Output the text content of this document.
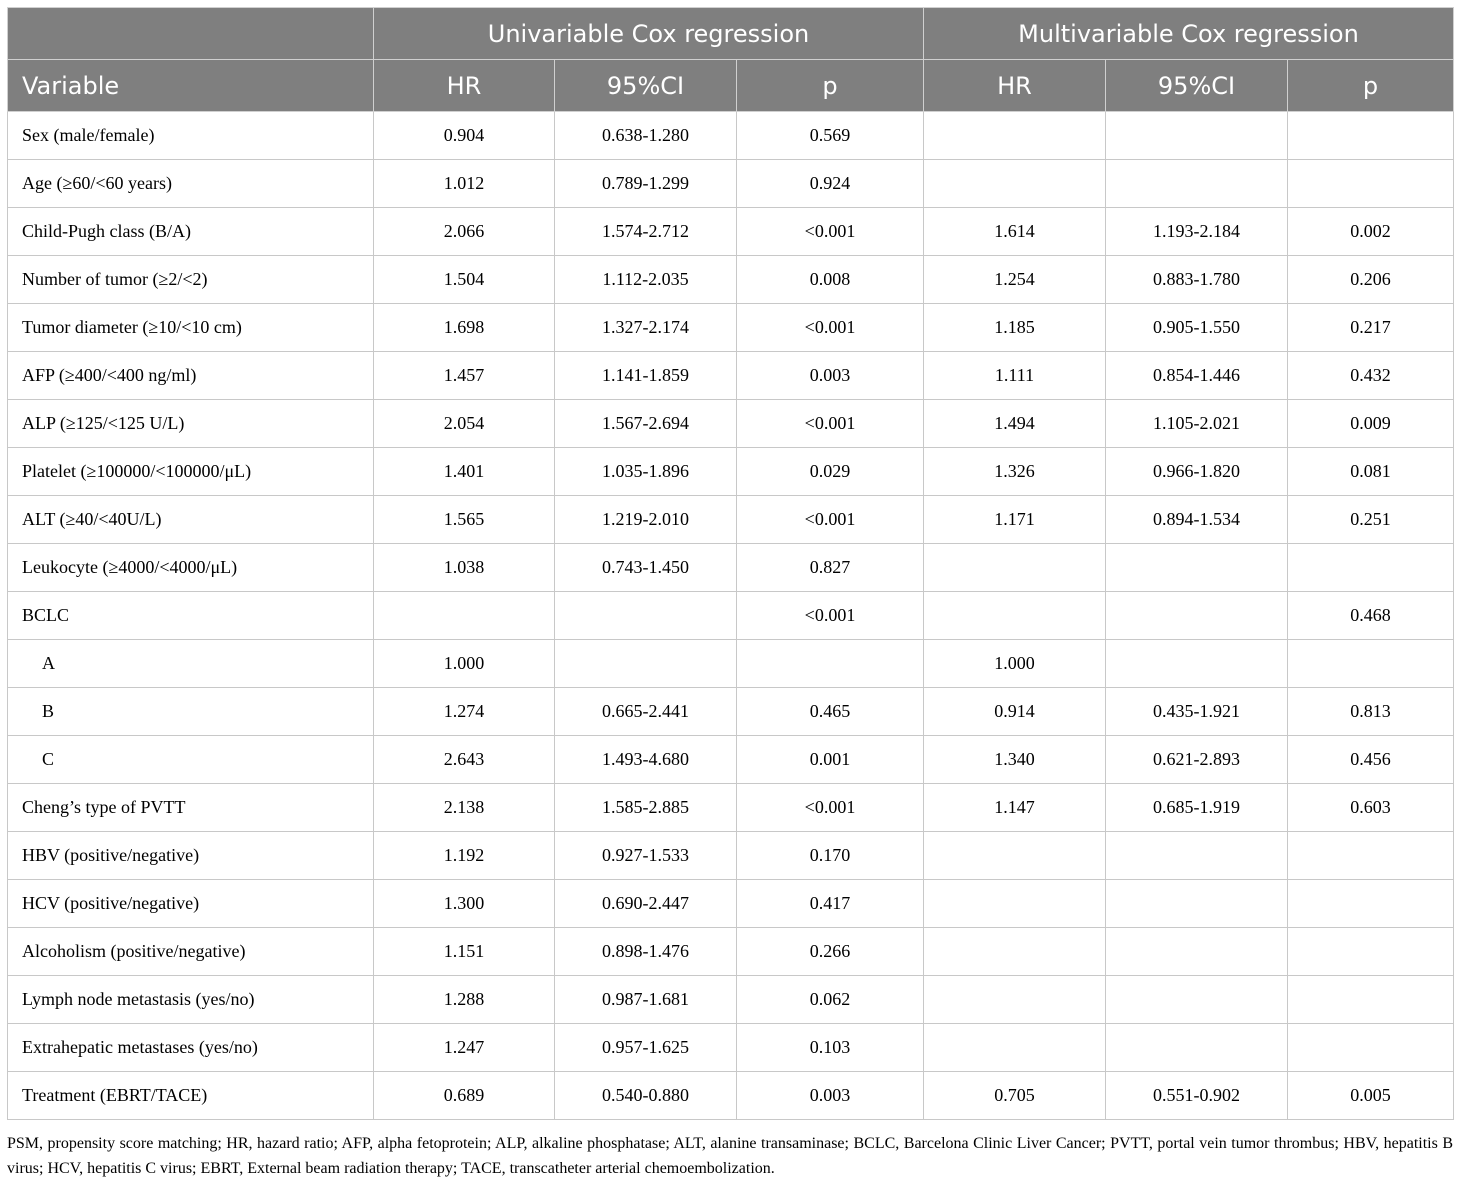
	Univariable Cox regression			Multivariable Cox regression		
Variable	HR	95%CI	p	HR	95%CI	p
Sex (male/female)	0.904	0.638-1.280	0.569			
Age (≥60/<60 years)	1.012	0.789-1.299	0.924			
Child-Pugh class (B/A)	2.066	1.574-2.712	<0.001	1.614	1.193-2.184	0.002
Number of tumor (≥2/<2)	1.504	1.112-2.035	0.008	1.254	0.883-1.780	0.206
Tumor diameter (≥10/<10 cm)	1.698	1.327-2.174	<0.001	1.185	0.905-1.550	0.217
AFP (≥400/<400 ng/ml)	1.457	1.141-1.859	0.003	1.111	0.854-1.446	0.432
ALP (≥125/<125 U/L)	2.054	1.567-2.694	<0.001	1.494	1.105-2.021	0.009
Platelet (≥100000/<100000/μL)	1.401	1.035-1.896	0.029	1.326	0.966-1.820	0.081
ALT (≥40/<40U/L)	1.565	1.219-2.010	<0.001	1.171	0.894-1.534	0.251
Leukocyte (≥4000/<4000/μL)	1.038	0.743-1.450	0.827			
BCLC			<0.001			0.468
A	1.000			1.000		
B	1.274	0.665-2.441	0.465	0.914	0.435-1.921	0.813
C	2.643	1.493-4.680	0.001	1.340	0.621-2.893	0.456
Cheng’s type of PVTT	2.138	1.585-2.885	<0.001	1.147	0.685-1.919	0.603
HBV (positive/negative)	1.192	0.927-1.533	0.170			
HCV (positive/negative)	1.300	0.690-2.447	0.417			
Alcoholism (positive/negative)	1.151	0.898-1.476	0.266			
Lymph node metastasis (yes/no)	1.288	0.987-1.681	0.062			
Extrahepatic metastases (yes/no)	1.247	0.957-1.625	0.103			
Treatment (EBRT/TACE)	0.689	0.540-0.880	0.003	0.705	0.551-0.902	0.005

PSM, propensity score matching; HR, hazard ratio; AFP, alpha fetoprotein; ALP, alkaline phosphatase; ALT, alanine transaminase; BCLC, Barcelona Clinic Liver Cancer; PVTT, portal vein tumor thrombus; HBV, hepatitis B virus; HCV, hepatitis C virus; EBRT, External beam radiation therapy; TACE, transcatheter arterial chemoembolization.
